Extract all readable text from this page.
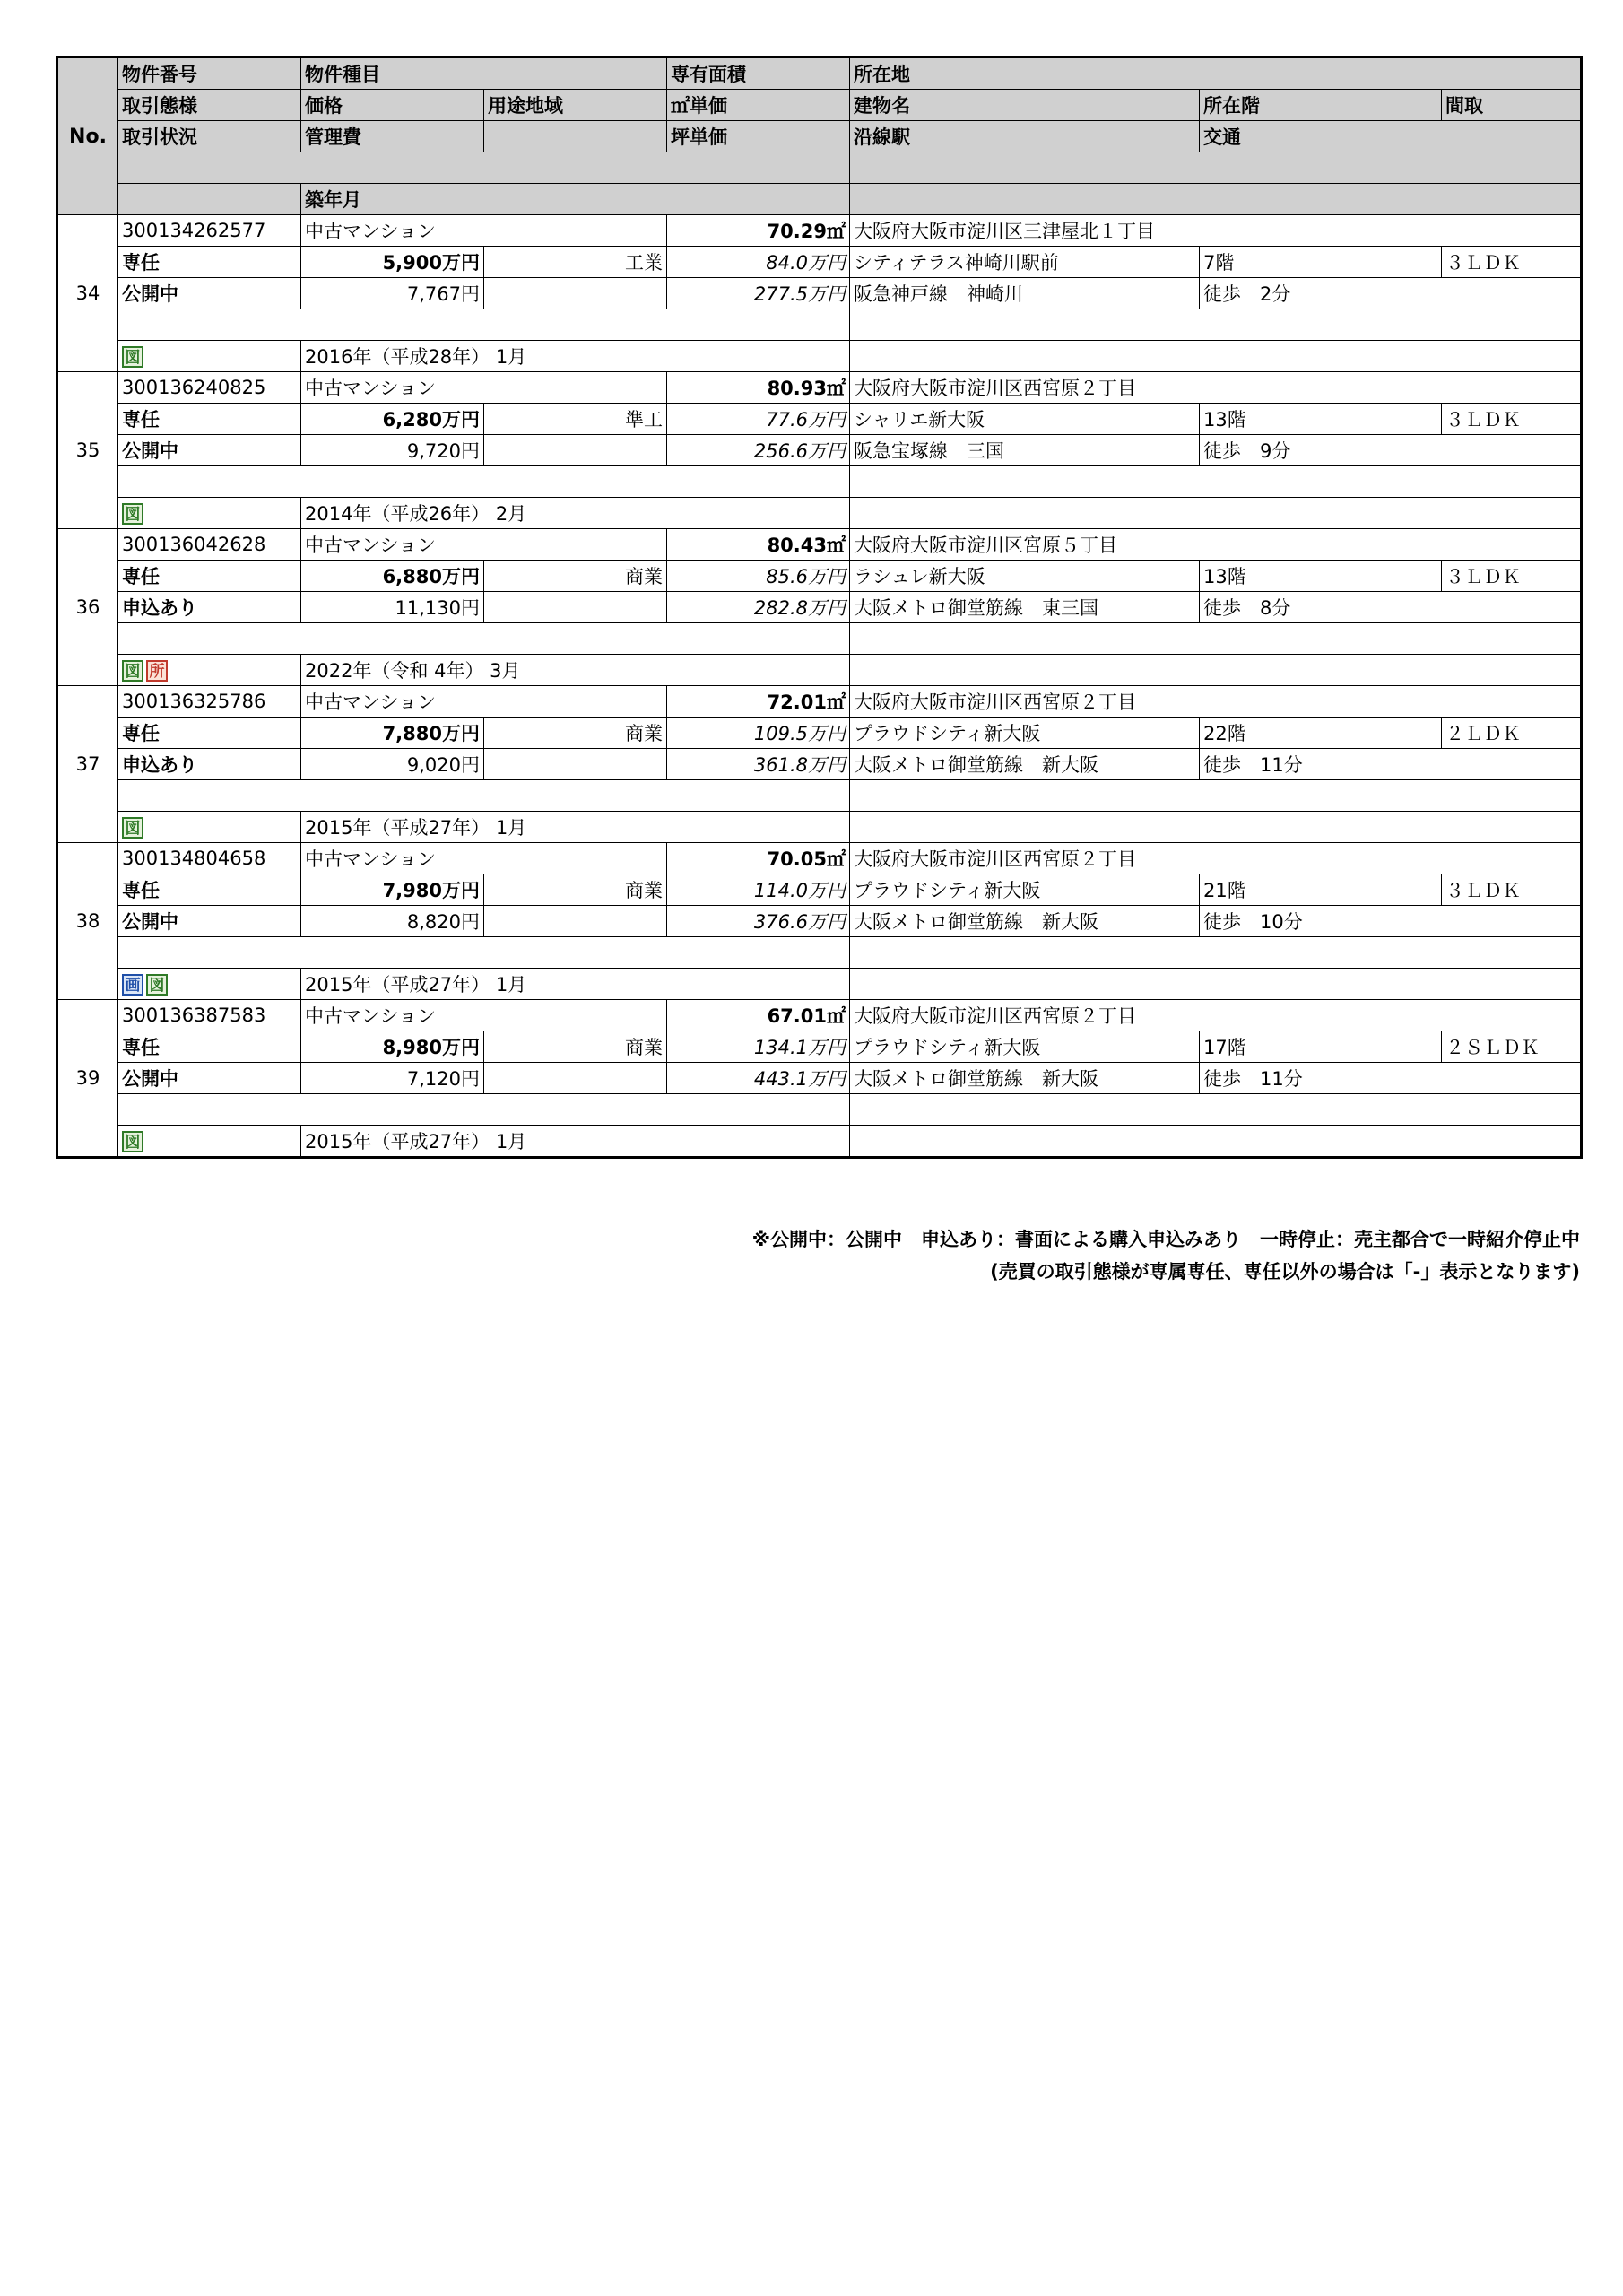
No.	物件番号	物件種目		専有面積	所在地		
	取引態様	価格	用途地域	㎡単価	建物名	所在階	間取
	取引状況	管理費		坪単価	沿線駅	交通	

		築年月					
34	300134262577	中古マンション		70.29㎡	大阪府大阪市淀川区三津屋北１丁目		
	専任	5,900万円	工業	84.0万円	シティテラス神崎川駅前	7階	３ＬＤＫ
	公開中	7,767円		277.5万円	阪急神戸線　神崎川	徒歩　2分	

	図	2016年（平成28年） 1月					
35	300136240825	中古マンション		80.93㎡	大阪府大阪市淀川区西宮原２丁目		
	専任	6,280万円	準工	77.6万円	シャリエ新大阪	13階	３ＬＤＫ
	公開中	9,720円		256.6万円	阪急宝塚線　三国	徒歩　9分	

	図	2014年（平成26年） 2月					
36	300136042628	中古マンション		80.43㎡	大阪府大阪市淀川区宮原５丁目		
	専任	6,880万円	商業	85.6万円	ラシュレ新大阪	13階	３ＬＤＫ
	申込あり	11,130円		282.8万円	大阪メトロ御堂筋線　東三国	徒歩　8分	

	図 所	2022年（令和 4年） 3月					
37	300136325786	中古マンション		72.01㎡	大阪府大阪市淀川区西宮原２丁目		
	専任	7,880万円	商業	109.5万円	プラウドシティ新大阪	22階	２ＬＤＫ
	申込あり	9,020円		361.8万円	大阪メトロ御堂筋線　新大阪	徒歩　11分	

	図	2015年（平成27年） 1月					
38	300134804658	中古マンション		70.05㎡	大阪府大阪市淀川区西宮原２丁目		
	専任	7,980万円	商業	114.0万円	プラウドシティ新大阪	21階	３ＬＤＫ
	公開中	8,820円		376.6万円	大阪メトロ御堂筋線　新大阪	徒歩　10分	

	画 図	2015年（平成27年） 1月					
39	300136387583	中古マンション		67.01㎡	大阪府大阪市淀川区西宮原２丁目		
	専任	8,980万円	商業	134.1万円	プラウドシティ新大阪	17階	２ＳＬＤＫ
	公開中	7,120円		443.1万円	大阪メトロ御堂筋線　新大阪	徒歩　11分	

	図	2015年（平成27年） 1月					
※公開中：公開中　申込あり：書面による購入申込みあり　一時停止：売主都合で一時紹介停止中
(売買の取引態様が専属専任、専任以外の場合は「-」表示となります)
